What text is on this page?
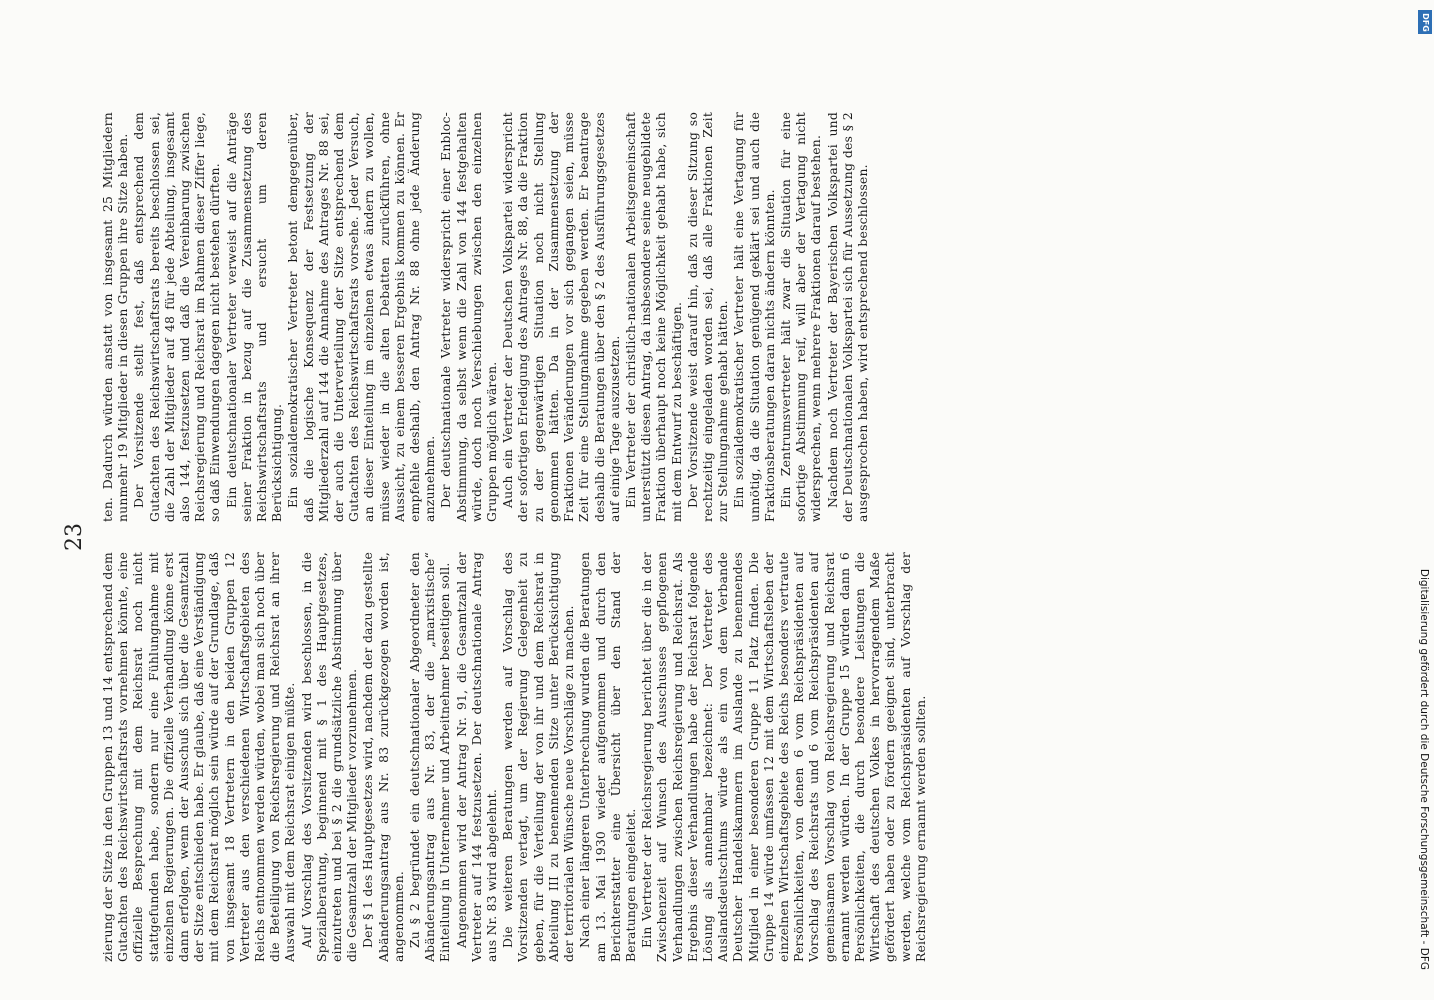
23

zierung der Sitze in den Gruppen 13 und 14 entsprechend dem Gutachten des Reichswirtschaftsrats vornehmen könnte, eine offizielle Besprechung mit dem Reichsrat noch nicht stattgefunden habe, sondern nur eine Fühlungnahme mit einzelnen Regierungen. Die offizielle Verhandlung könne erst dann erfolgen, wenn der Ausschuß sich über die Gesamtzahl der Sitze entschieden habe. Er glaube, daß eine Verständigung mit dem Reichsrat möglich sein würde auf der Grundlage, daß von insgesamt 18 Vertretern in den beiden Gruppen 12 Vertreter aus den verschiedenen Wirtschaftsgebieten des Reichs entnommen werden würden, wobei man sich noch über die Beteiligung von Reichsregierung und Reichsrat an ihrer Auswahl mit dem Reichsrat einigen müßte. Auf Vorschlag des Vorsitzenden wird beschlossen, in die Spezialberatung, beginnend mit § 1 des Hauptgesetzes, einzutreten und bei § 2 die grundsätzliche Abstimmung über die Gesamtzahl der Mitglieder vorzunehmen. Der § 1 des Hauptgesetzes wird, nachdem der dazu gestellte Abänderungsantrag aus Nr. 83 zurückgezogen worden ist, angenommen. Zu § 2 begründet ein deutschnationaler Abgeordneter den Abänderungsantrag aus Nr. 83, der die „marxistische“ Einteilung in Unternehmer und Arbeitnehmer beseitigen soll. Angenommen wird der Antrag Nr. 91, die Gesamtzahl der Vertreter auf 144 festzusetzen. Der deutschnationale Antrag aus Nr. 83 wird abgelehnt. Die weiteren Beratungen werden auf Vorschlag des Vorsitzenden vertagt, um der Regierung Gelegenheit zu geben, für die Verteilung der von ihr und dem Reichsrat in Abteilung III zu benennenden Sitze unter Berücksichtigung der territorialen Wünsche neue Vorschläge zu machen. Nach einer längeren Unterbrechung wurden die Beratungen am 13. Mai 1930 wieder aufgenommen und durch den Berichterstatter eine Übersicht über den Stand der Beratungen eingeleitet. Ein Vertreter der Reichsregierung berichtet über die in der Zwischenzeit auf Wunsch des Ausschusses gepflogenen Verhandlungen zwischen Reichsregierung und Reichsrat. Als Ergebnis dieser Verhandlungen habe der Reichsrat folgende Lösung als annehmbar bezeichnet: Der Vertreter des Auslandsdeutschtums würde als ein von dem Verbande Deutscher Handelskammern im Auslande zu benennendes Mitglied in einer besonderen Gruppe 11 Platz finden. Die Gruppe 14 würde umfassen 12 mit dem Wirtschaftsleben der einzelnen Wirtschaftsgebiete des Reichs besonders vertraute Persönlichkeiten, von denen 6 vom Reichspräsidenten auf Vorschlag des Reichsrats und 6 vom Reichspräsidenten auf gemeinsamen Vorschlag von Reichsregierung und Reichsrat ernannt werden würden. In der Gruppe 15 würden dann 6 Persönlichkeiten, die durch besondere Leistungen die Wirtschaft des deutschen Volkes in hervorragendem Maße gefördert haben oder zu fördern geeignet sind, unterbracht werden, welche vom Reichspräsidenten auf Vorschlag der Reichsregierung ernannt werden sollten.

ten. Dadurch würden anstatt von insgesamt 25 Mitgliedern nunmehr 19 Mitglieder in diesen Gruppen ihre Sitze haben. Der Vorsitzende stellt fest, daß entsprechend dem Gutachten des Reichswirtschaftsrats bereits beschlossen sei, die Zahl der Mitglieder auf 48 für jede Abteilung, insgesamt also 144, festzusetzen und daß die Vereinbarung zwischen Reichsregierung und Reichsrat im Rahmen dieser Ziffer liege, so daß Einwendungen dagegen nicht bestehen dürften. Ein deutschnationaler Vertreter verweist auf die Anträge seiner Fraktion in bezug auf die Zusammensetzung des Reichswirtschaftsrats und ersucht um deren Berücksichtigung. Ein sozialdemokratischer Vertreter betont demgegenüber, daß die logische Konsequenz der Festsetzung der Mitgliederzahl auf 144 die Annahme des Antrages Nr. 88 sei, der auch die Unterverteilung der Sitze entsprechend dem Gutachten des Reichswirtschaftsrats vorsehe. Jeder Versuch, an dieser Einteilung im einzelnen etwas ändern zu wollen, müsse wieder in die alten Debatten zurückführen, ohne Aussicht, zu einem besseren Ergebnis kommen zu können. Er empfehle deshalb, den Antrag Nr. 88 ohne jede Änderung anzunehmen. Der deutschnationale Vertreter widerspricht einer Enbloc-Abstimmung, da selbst wenn die Zahl von 144 festgehalten würde, doch noch Verschiebungen zwischen den einzelnen Gruppen möglich wären. Auch ein Vertreter der Deutschen Volkspartei widerspricht der sofortigen Erledigung des Antrages Nr. 88, da die Fraktion zu der gegenwärtigen Situation noch nicht Stellung genommen hätten. Da in der Zusammensetzung der Fraktionen Veränderungen vor sich gegangen seien, müsse Zeit für eine Stellungnahme gegeben werden. Er beantrage deshalb die Beratungen über den § 2 des Ausführungsgesetzes auf einige Tage auszusetzen. Ein Vertreter der christlich-nationalen Arbeitsgemeinschaft unterstützt diesen Antrag, da insbesondere seine neugebildete Fraktion überhaupt noch keine Möglichkeit gehabt habe, sich mit dem Entwurf zu beschäftigen. Der Vorsitzende weist darauf hin, daß zu dieser Sitzung so rechtzeitig eingeladen worden sei, daß alle Fraktionen Zeit zur Stellungnahme gehabt hätten. Ein sozialdemokratischer Vertreter hält eine Vertagung für unnötig, da die Situation genügend geklärt sei und auch die Fraktionsberatungen daran nichts ändern könnten. Ein Zentrumsvertreter hält zwar die Situation für eine sofortige Abstimmung reif, will aber der Vertagung nicht widersprechen, wenn mehrere Fraktionen darauf bestehen. Nachdem noch Vertreter der Bayerischen Volkspartei und der Deutschnationalen Volkspartei sich für Aussetzung des § 2 ausgesprochen haben, wird entsprechend beschlossen.

Digitalisierung gefördert durch die Deutsche Forschungsgemeinschaft - DFG
DFG
